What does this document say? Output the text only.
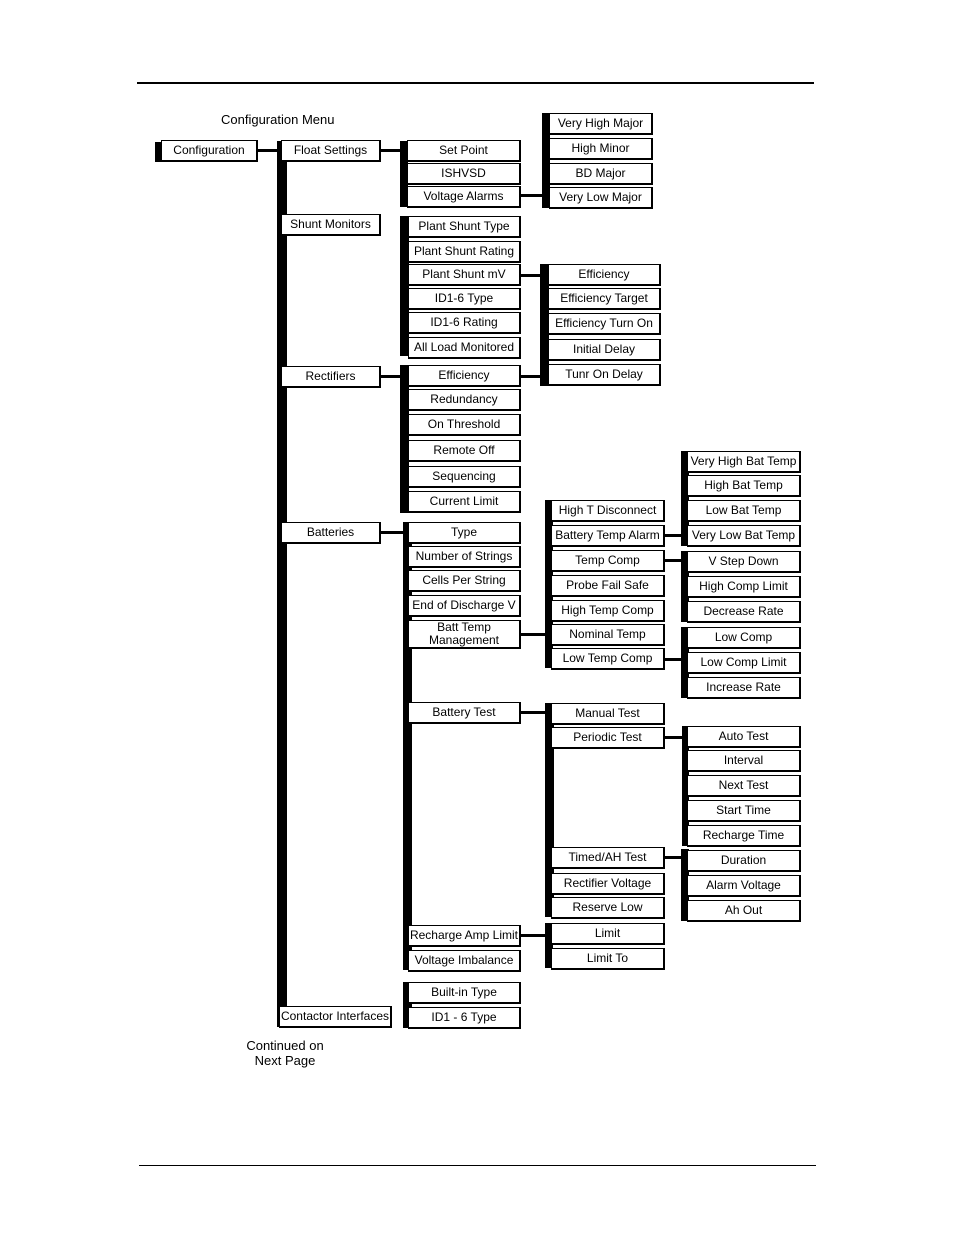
Configuration Menu
Continued on
Next Page
Configuration	Float Settings
Shunt Monitors
Rectifiers
Batteries
Contactor Interfaces
Set Point
ISHVSD
Voltage Alarms
Very High Major
High Minor
BD Major
Very Low Major
Plant Shunt Type
Plant Shunt Rating
Plant Shunt mV
ID1-6 Type
ID1-6 Rating
All Load Monitored
Efficiency
Efficiency Target
Efficiency Turn On
Initial Delay
Tunr On Delay
Efficiency
Redundancy
On Threshold
Remote Off
Sequencing
Current Limit
Type
Number of Strings
Cells Per String
End of Discharge V
Batt Temp
Management
Battery Test
Recharge Amp Limit
Voltage Imbalance
High T Disconnect
Battery Temp Alarm
Temp Comp
Probe Fail Safe
High Temp Comp
Nominal Temp
Low Temp Comp
Very High Bat Temp
High Bat Temp
Low Bat Temp
Very Low Bat Temp
V Step Down
High Comp Limit
Decrease Rate
Low Comp
Low Comp Limit
Increase Rate
Manual Test
Periodic Test
Timed/AH Test
Rectifier Voltage
Reserve Low
Auto Test
Interval
Next Test
Start Time
Recharge Time
Duration
Alarm Voltage
Ah Out
Limit
Limit To
Built-in Type
ID1 - 6 Type
